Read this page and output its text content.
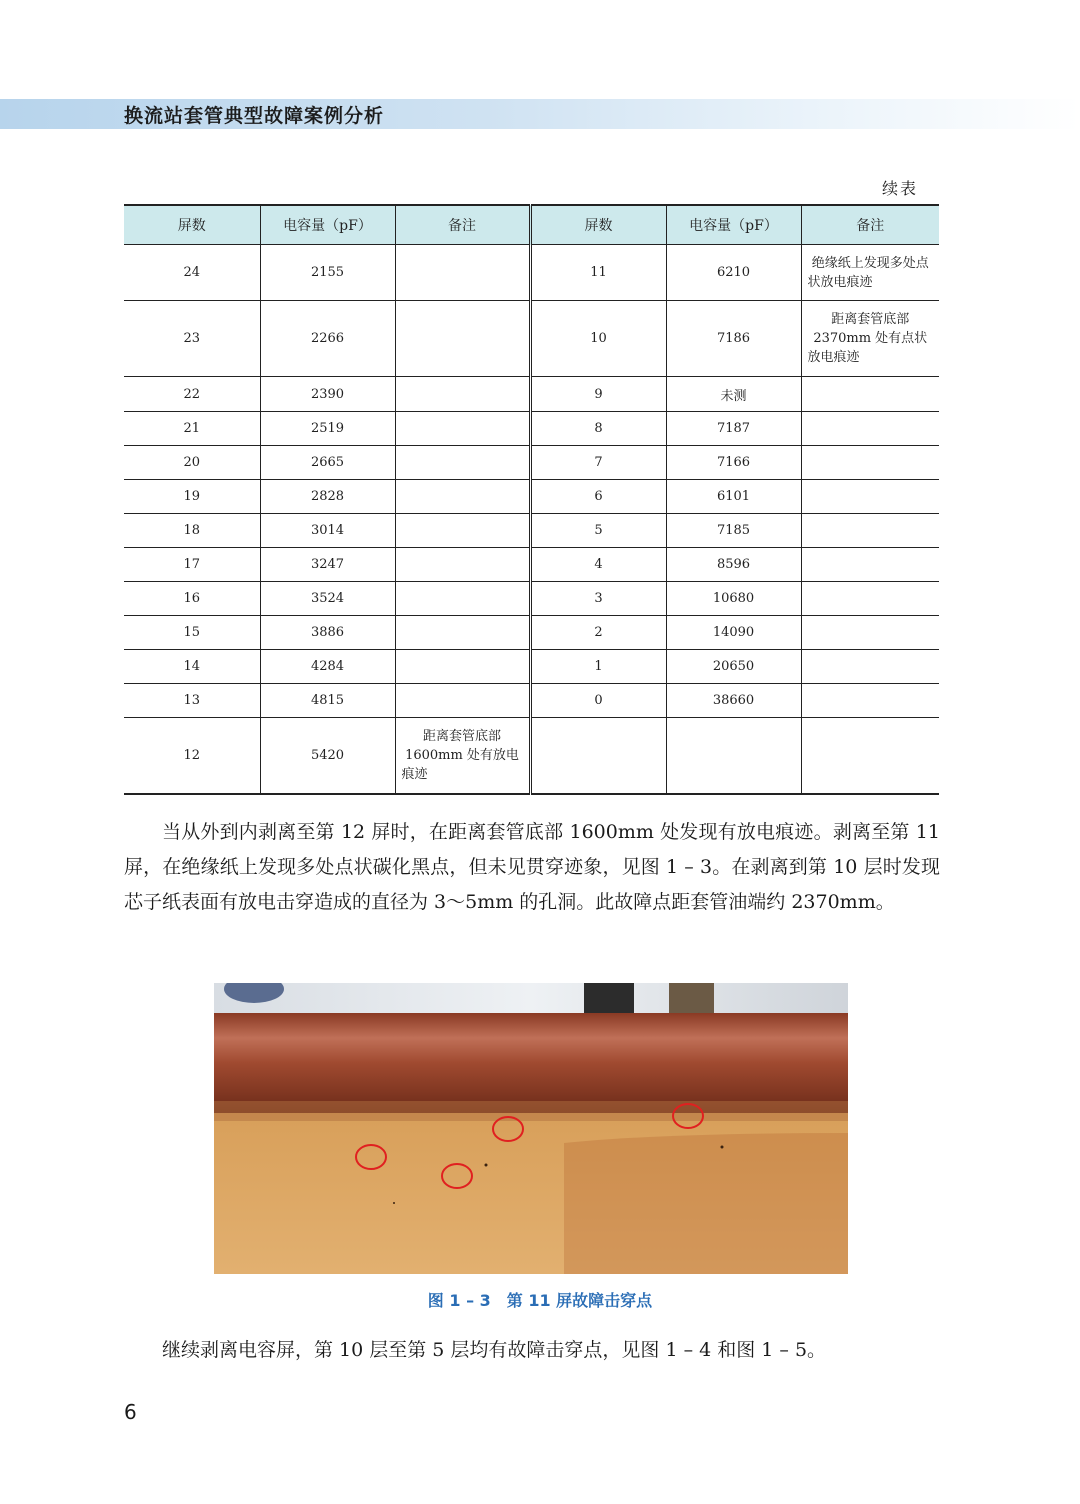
换流站套管典型故障案例分析
续表
屏数	电容量（pF）	备注	屏数	电容量（pF）	备注
24	2155		11	6210	绝缘纸上发现多处点状放电痕迹
23	2266		10	7186	距离套管底部2370mm 处有点状放电痕迹
22	2390		9	未测	
21	2519		8	7187	
20	2665		7	7166	
19	2828		6	6101	
18	3014		5	7185	
17	3247		4	8596	
16	3524		3	10680	
15	3886		2	14090	
14	4284		1	20650	
13	4815		0	38660	
12	5420	距离套管底部1600mm 处有放电痕迹			
当从外到内剥离至第 12 屏时，在距离套管底部 1600mm 处发现有放电痕迹。剥离至第 11 屏，在绝缘纸上发现多处点状碳化黑点，但未见贯穿迹象，见图 1 – 3。在剥离到第 10 层时发现芯子纸表面有放电击穿造成的直径为 3～5mm 的孔洞。此故障点距套管油端约 2370mm。
图 1 – 3　第 11 屏故障击穿点
继续剥离电容屏，第 10 层至第 5 层均有故障击穿点，见图 1 – 4 和图 1 – 5。
6
